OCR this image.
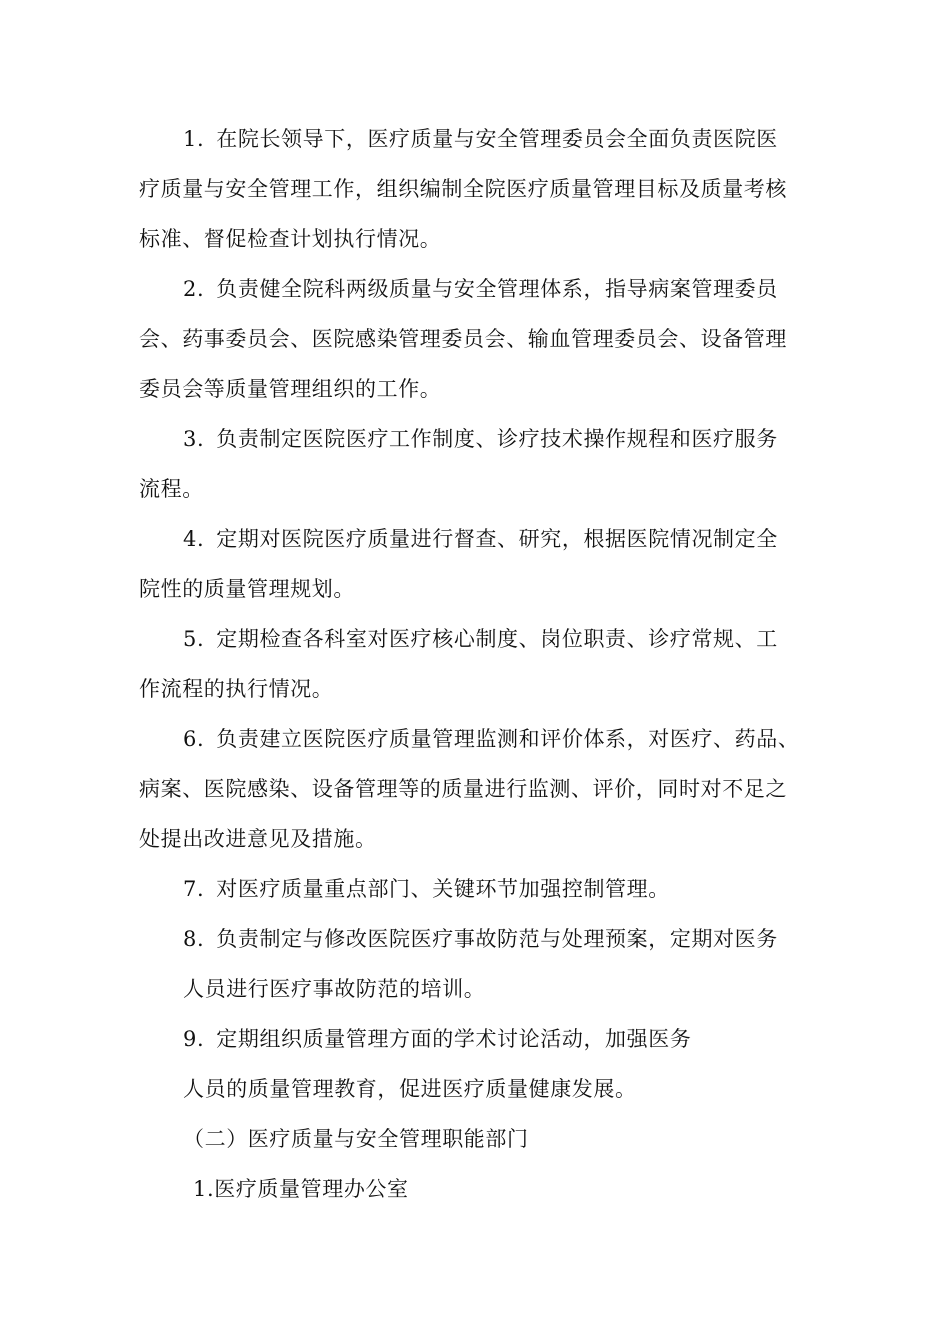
1. 在院长领导下，医疗质量与安全管理委员会全面负责医院医
疗质量与安全管理工作，组织编制全院医疗质量管理目标及质量考核
标准、督促检查计划执行情况。
2. 负责健全院科两级质量与安全管理体系，指导病案管理委员
会、药事委员会、医院感染管理委员会、输血管理委员会、设备管理
委员会等质量管理组织的工作。
3. 负责制定医院医疗工作制度、诊疗技术操作规程和医疗服务
流程。
4. 定期对医院医疗质量进行督查、研究，根据医院情况制定全
院性的质量管理规划。
5. 定期检查各科室对医疗核心制度、岗位职责、诊疗常规、工
作流程的执行情况。
6. 负责建立医院医疗质量管理监测和评价体系，对医疗、药品、
病案、医院感染、设备管理等的质量进行监测、评价，同时对不足之
处提出改进意见及措施。
7. 对医疗质量重点部门、关键环节加强控制管理。
8. 负责制定与修改医院医疗事故防范与处理预案，定期对医务
人员进行医疗事故防范的培训。
9. 定期组织质量管理方面的学术讨论活动，加强医务
人员的质量管理教育，促进医疗质量健康发展。
（二）医疗质量与安全管理职能部门
1.医疗质量管理办公室
